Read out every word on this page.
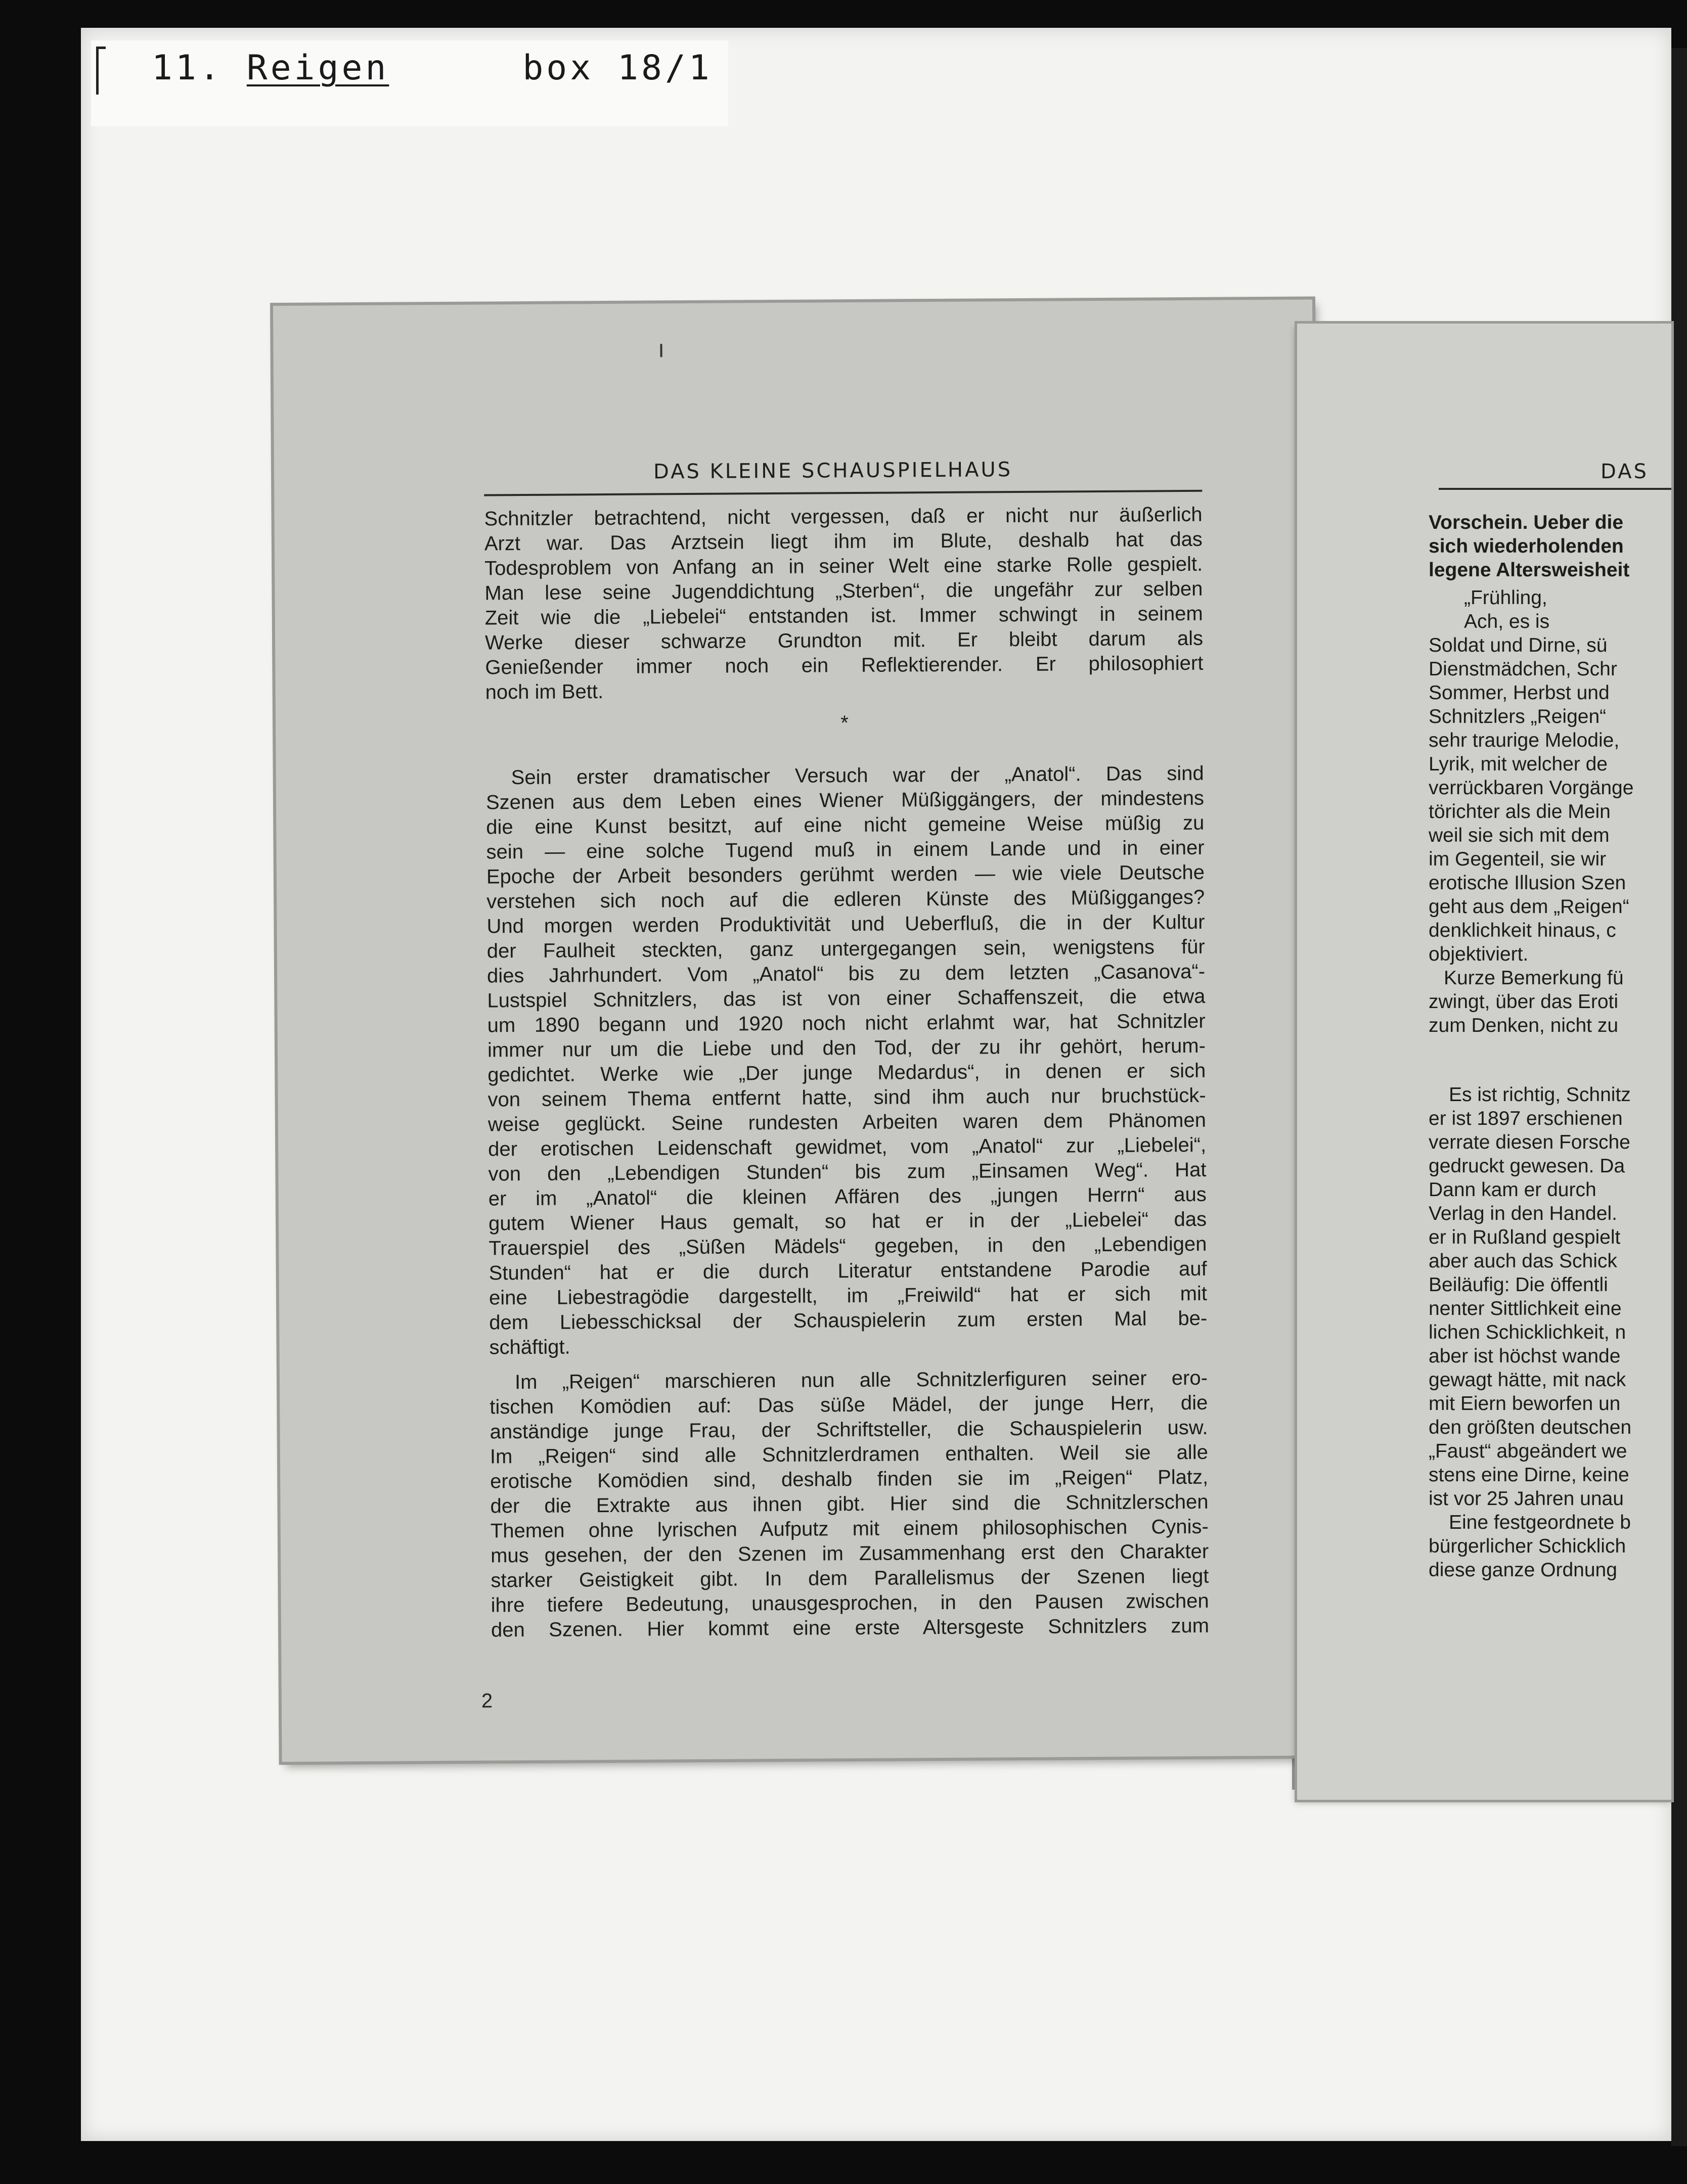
11. Reigen	box 18/1
DAS KLEINE SCHAUSPIELHAUS
Schnitzler betrachtend, nicht vergessen, daß er nicht nur äußerlich
Arzt war. Das Arztsein liegt ihm im Blute, deshalb hat das
Todesproblem von Anfang an in seiner Welt eine starke Rolle gespielt.
Man lese seine Jugenddichtung „Sterben“, die ungefähr zur selben
Zeit wie die „Liebelei“ entstanden ist. Immer schwingt in seinem
Werke dieser schwarze Grundton mit. Er bleibt darum als
Genießender immer noch ein Reflektierender. Er philosophiert
noch im Bett.
*
Sein erster dramatischer Versuch war der „Anatol“. Das sind
Szenen aus dem Leben eines Wiener Müßiggängers, der mindestens
die eine Kunst besitzt, auf eine nicht gemeine Weise müßig zu
sein — eine solche Tugend muß in einem Lande und in einer
Epoche der Arbeit besonders gerühmt werden — wie viele Deutsche
verstehen sich noch auf die edleren Künste des Müßigganges?
Und morgen werden Produktivität und Ueberfluß, die in der Kultur
der Faulheit steckten, ganz untergegangen sein, wenigstens für
dies Jahrhundert. Vom „Anatol“ bis zu dem letzten „Casanova“-
Lustspiel Schnitzlers, das ist von einer Schaffenszeit, die etwa
um 1890 begann und 1920 noch nicht erlahmt war, hat Schnitzler
immer nur um die Liebe und den Tod, der zu ihr gehört, herum-
gedichtet. Werke wie „Der junge Medardus“, in denen er sich
von seinem Thema entfernt hatte, sind ihm auch nur bruchstück-
weise geglückt. Seine rundesten Arbeiten waren dem Phänomen
der erotischen Leidenschaft gewidmet, vom „Anatol“ zur „Liebelei“,
von den „Lebendigen Stunden“ bis zum „Einsamen Weg“. Hat
er im „Anatol“ die kleinen Affären des „jungen Herrn“ aus
gutem Wiener Haus gemalt, so hat er in der „Liebelei“ das
Trauerspiel des „Süßen Mädels“ gegeben, in den „Lebendigen
Stunden“ hat er die durch Literatur entstandene Parodie auf
eine Liebestragödie dargestellt, im „Freiwild“ hat er sich mit
dem Liebesschicksal der Schauspielerin zum ersten Mal be-
schäftigt.
Im „Reigen“ marschieren nun alle Schnitzlerfiguren seiner ero-
tischen Komödien auf: Das süße Mädel, der junge Herr, die
anständige junge Frau, der Schriftsteller, die Schauspielerin usw.
Im „Reigen“ sind alle Schnitzlerdramen enthalten. Weil sie alle
erotische Komödien sind, deshalb finden sie im „Reigen“ Platz,
der die Extrakte aus ihnen gibt. Hier sind die Schnitzlerschen
Themen ohne lyrischen Aufputz mit einem philosophischen Cynis-
mus gesehen, der den Szenen im Zusammenhang erst den Charakter
starker Geistigkeit gibt. In dem Parallelismus der Szenen liegt
ihre tiefere Bedeutung, unausgesprochen, in den Pausen zwischen
den Szenen. Hier kommt eine erste Altersgeste Schnitzlers zum
2
DAS
Vorschein. Ueber die
sich wiederholenden
legene Altersweisheit
„Frühling,
Ach, es is
Soldat und Dirne, sü
Dienstmädchen, Schr
Sommer, Herbst und
Schnitzlers „Reigen“
sehr traurige Melodie,
Lyrik, mit welcher de
verrückbaren Vorgänge
törichter als die Mein
weil sie sich mit dem
im Gegenteil, sie wir
erotische Illusion Szen
geht aus dem „Reigen“
denklichkeit hinaus, c
objektiviert.
Kurze Bemerkung fü
zwingt, über das Eroti
zum Denken, nicht zu
Es ist richtig, Schnitz
er ist 1897 erschienen
verrate diesen Forsche
gedruckt gewesen. Da
Dann kam er durch
Verlag in den Handel.
er in Rußland gespielt
aber auch das Schick
Beiläufig: Die öffentli
nenter Sittlichkeit eine
lichen Schicklichkeit, n
aber ist höchst wande
gewagt hätte, mit nack
mit Eiern beworfen un
den größten deutschen
„Faust“ abgeändert we
stens eine Dirne, keine
ist vor 25 Jahren unau
Eine festgeordnete b
bürgerlicher Schicklich
diese ganze Ordnung
